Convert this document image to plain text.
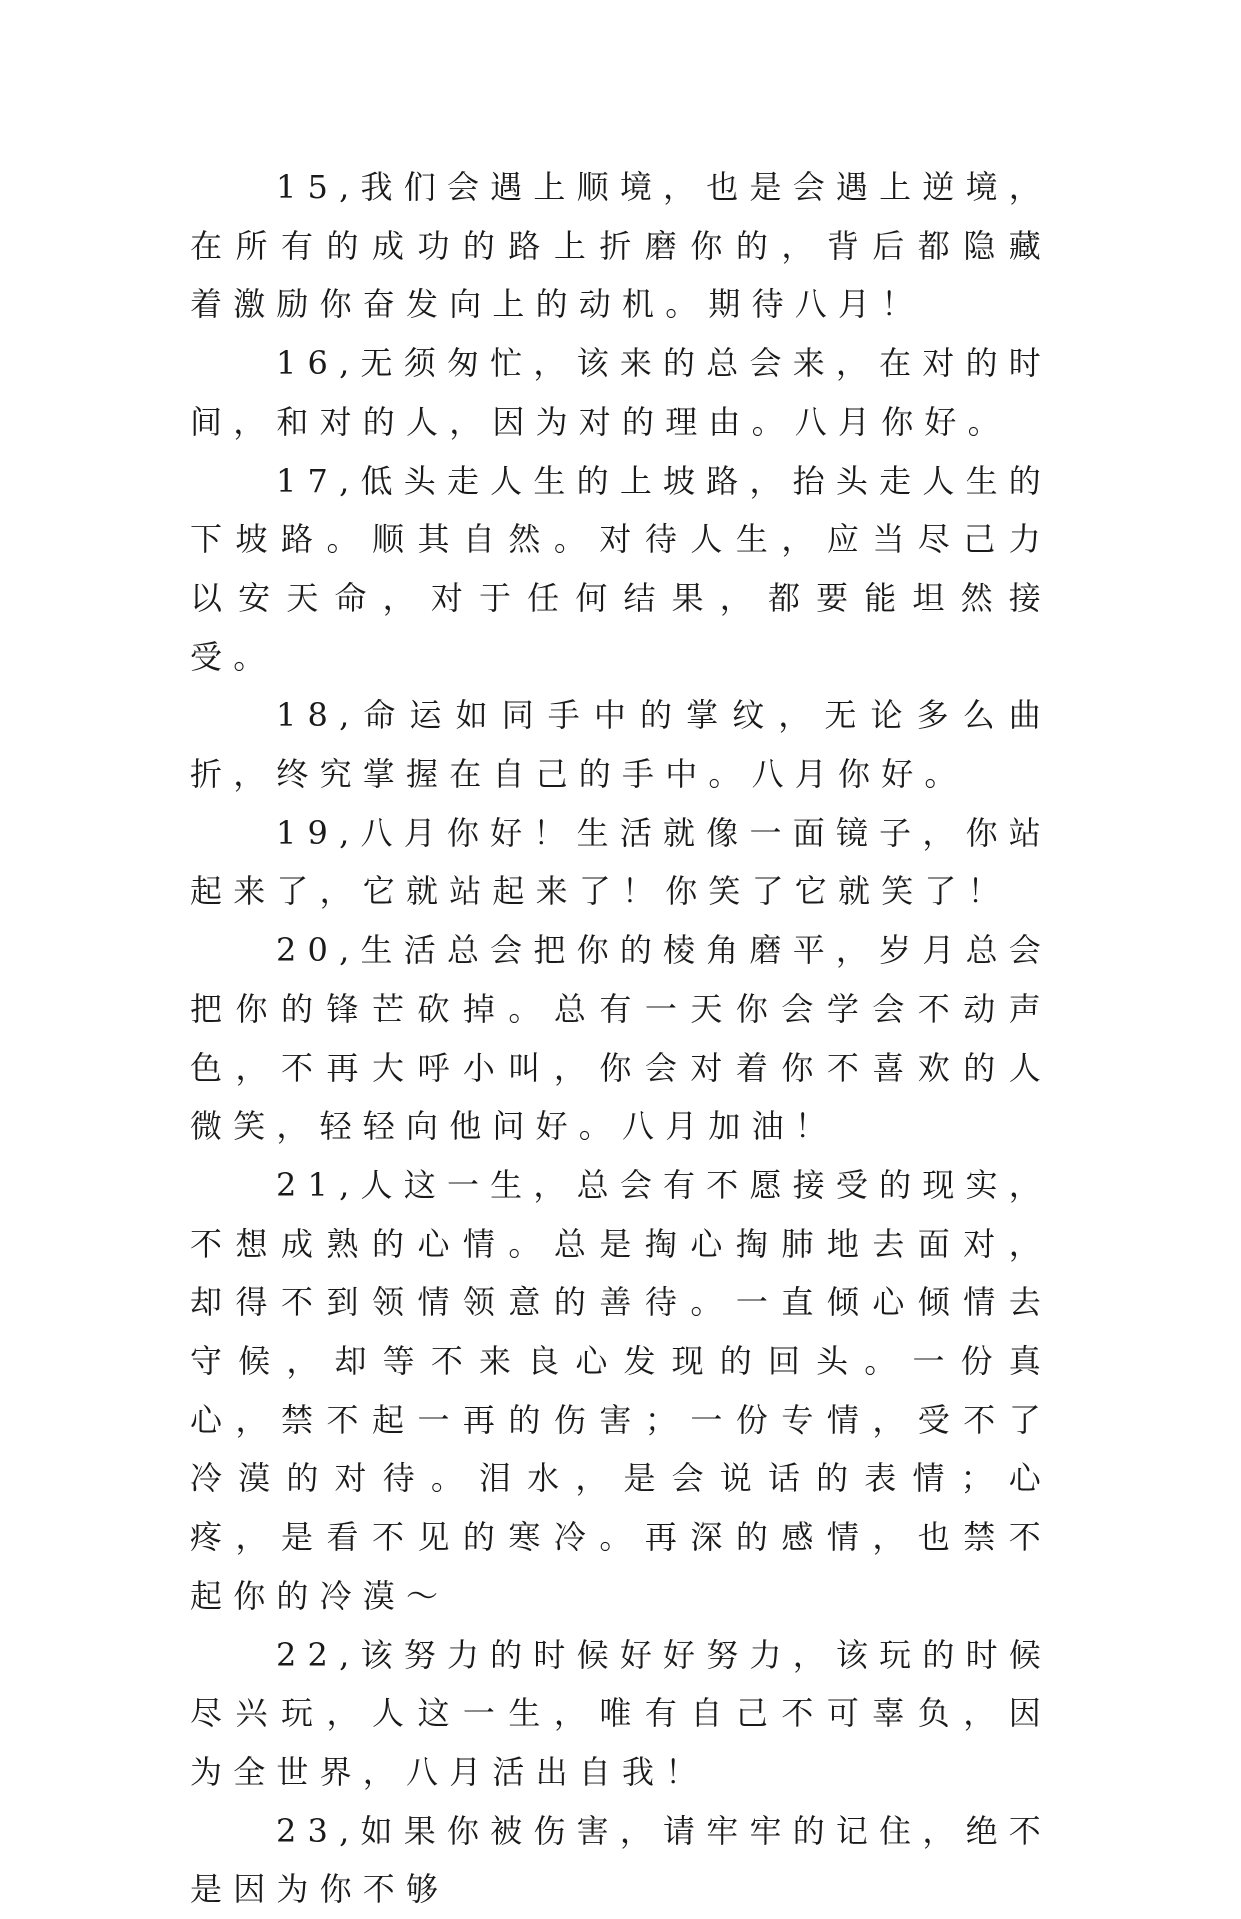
15,我们会遇上顺境，也是会遇上逆境，在所有的成功的路上折磨你的，背后都隐藏着激励你奋发向上的动机。期待八月！

16,无须匆忙，该来的总会来，在对的时间，和对的人，因为对的理由。八月你好。

17,低头走人生的上坡路，抬头走人生的下坡路。顺其自然。对待人生，应当尽己力以安天命，对于任何结果，都要能坦然接受。

18,命运如同手中的掌纹，无论多么曲折，终究掌握在自己的手中。八月你好。

19,八月你好！生活就像一面镜子，你站起来了，它就站起来了！你笑了它就笑了！

20,生活总会把你的棱角磨平，岁月总会把你的锋芒砍掉。总有一天你会学会不动声色，不再大呼小叫，你会对着你不喜欢的人微笑，轻轻向他问好。八月加油！

21,人这一生，总会有不愿接受的现实，不想成熟的心情。总是掏心掏肺地去面对，却得不到领情领意的善待。一直倾心倾情去守候，却等不来良心发现的回头。一份真心，禁不起一再的伤害；一份专情，受不了冷漠的对待。泪水，是会说话的表情；心疼，是看不见的寒冷。再深的感情，也禁不起你的冷漠～

22,该努力的时候好好努力，该玩的时候尽兴玩，人这一生，唯有自己不可辜负，因为全世界，八月活出自我！

23,如果你被伤害，请牢牢的记住，绝不是因为你不够
